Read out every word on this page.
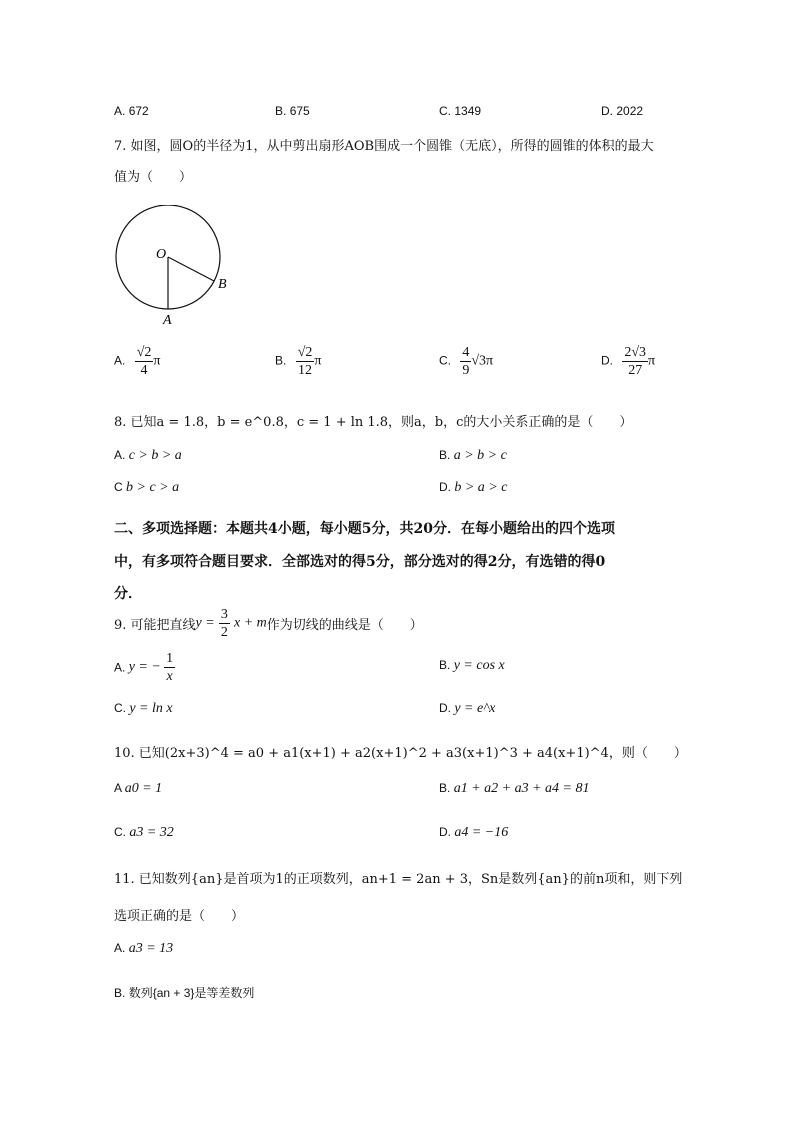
A. 672	B. 675	C. 1349	D. 2022
7. 如图，圆O的半径为1，从中剪出扇形AOB围成一个圆锥（无底），所得的圆锥的体积的最大
值为（　　）
O
B
A
A. $\frac{√2}{4}$ π	B. $\frac{√2}{12}$ π	C. $\frac{4}{9} √3\pi$	D. $\frac{2√3}{27}$ π
8. 已知a = 1.8，b = e^0.8，c = 1 + ln 1.8，则a，b，c的大小关系正确的是（　　）
A. c > b > a	B. a > b > c
C b > c > a	D. b > a > c
二、多项选择题：本题共4小题，每小题5分，共20分．在每小题给出的四个选项
中，有多项符合题目要求．全部选对的得5分，部分选对的得2分，有选错的得0
分．
9. 可能把直线$y = \frac{3}{2}$ x + m作为切线的曲线是（　　）
A. y = − $\frac{1}{x}$	B. y = cos x
C. y = ln x	D. y = e^x
10. 已知(2x+3)^4 = a0 + a1(x+1) + a2(x+1)^2 + a3(x+1)^3 + a4(x+1)^4，则（　　）
A a0 = 1	B. a1 + a2 + a3 + a4 = 81
C. a3 = 32	D. a4 = −16
11. 已知数列{an}是首项为1的正项数列，an+1 = 2an + 3，Sn是数列{an}的前n项和，则下列
选项正确的是（　　）
A. a3 = 13
B. 数列{an + 3}是等差数列
